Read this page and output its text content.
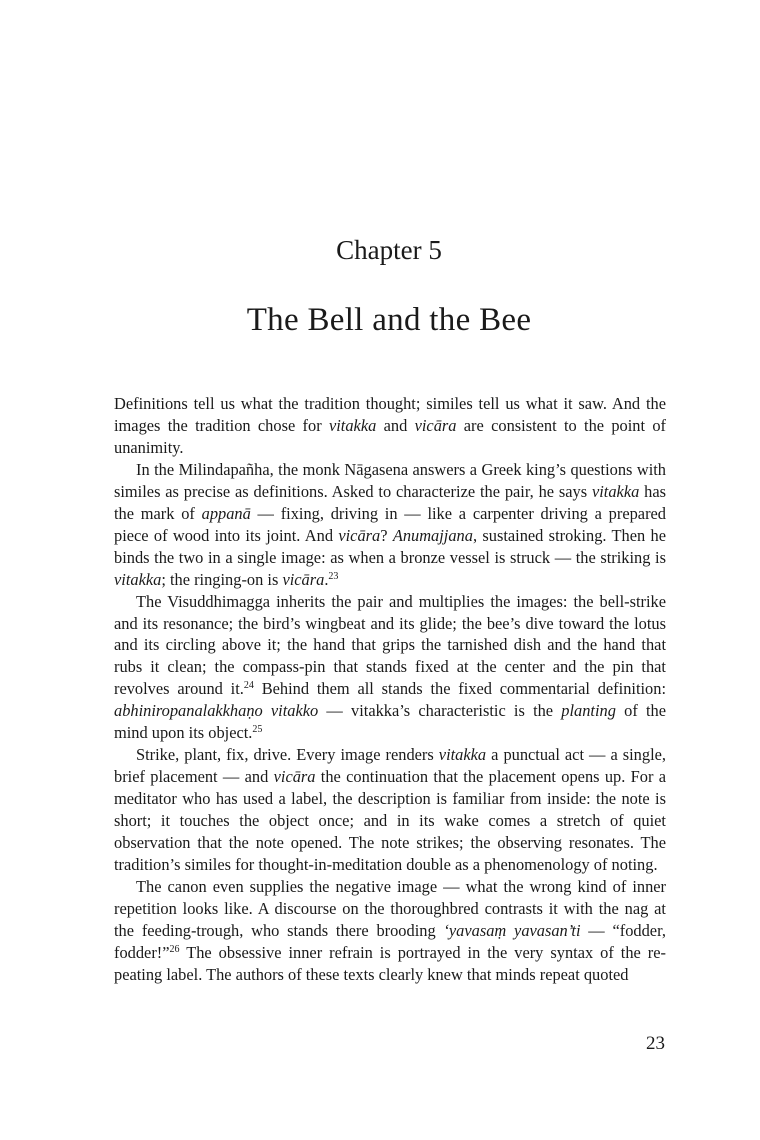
Chapter 5
The Bell and the Bee

Definitions tell us what the tradition thought; similes tell us what it saw. And the images the tradition chose for vitakka and vicāra are consistent to the point of unanimity.

In the Milindapañha, the monk Nāgasena answers a Greek king’s questions with similes as precise as definitions. Asked to characterize the pair, he says vitakka has the mark of appanā — fixing, driving in — like a carpenter driving a prepared piece of wood into its joint. And vicāra? Anumajjana, sustained stroking. Then he binds the two in a single image: as when a bronze vessel is struck — the striking is vitakka; the ringing-on is vicāra.$^{23}$

The Visuddhimagga inherits the pair and multiplies the images: the bell-strike and its resonance; the bird’s wingbeat and its glide; the bee’s dive toward the lotus and its circling above it; the hand that grips the tarnished dish and the hand that rubs it clean; the compass-pin that stands fixed at the center and the pin that revolves around it.$^{24}$ Behind them all stands the fixed commentarial definition: abhiniropanalakkhaṇo vitakko — vitakka’s characteristic is the planting of the mind upon its object.$^{25}$

Strike, plant, fix, drive. Every image renders vitakka a punctual act — a single, brief placement — and vicāra the continuation that the placement opens up. For a meditator who has used a label, the description is familiar from inside: the note is short; it touches the object once; and in its wake comes a stretch of quiet observation that the note opened. The note strikes; the observing resonates. The tradition’s similes for thought-in-meditation double as a phenomenology of noting.

The canon even supplies the negative image — what the wrong kind of inner repetition looks like. A discourse on the thoroughbred contrasts it with the nag at the feeding-trough, who stands there brooding ‘yavasaṃ yavasan’ti — “fodder, fodder!”$^{26}$ The obsessive inner refrain is portrayed in the very syntax of the repeating label. The authors of these texts clearly knew that minds repeat quoted

23
